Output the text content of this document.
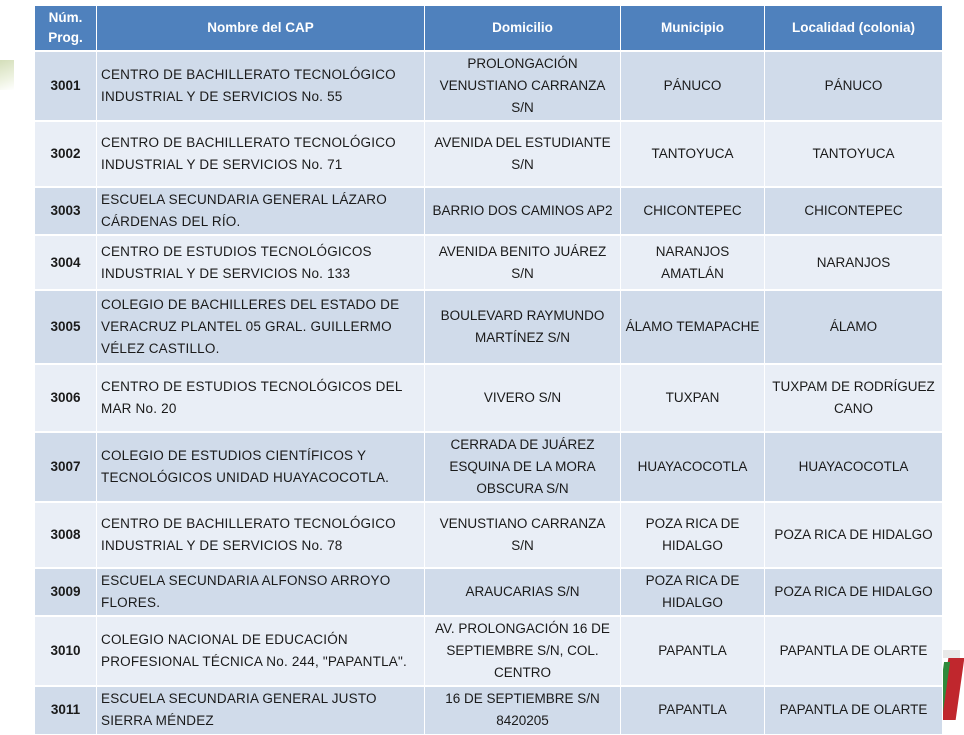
Núm. Prog.	Nombre del CAP	Domicilio	Municipio	Localidad (colonia)
3001	CENTRO DE BACHILLERATO TECNOLÓGICO INDUSTRIAL Y DE SERVICIOS No. 55	PROLONGACIÓN VENUSTIANO CARRANZA S/N	PÁNUCO	PÁNUCO
3002	CENTRO DE BACHILLERATO TECNOLÓGICO INDUSTRIAL Y DE SERVICIOS No. 71	AVENIDA DEL ESTUDIANTE S/N	TANTOYUCA	TANTOYUCA
3003	ESCUELA SECUNDARIA GENERAL LÁZARO CÁRDENAS DEL RÍO.	BARRIO DOS CAMINOS AP2	CHICONTEPEC	CHICONTEPEC
3004	CENTRO DE ESTUDIOS TECNOLÓGICOS INDUSTRIAL Y DE SERVICIOS No. 133	AVENIDA BENITO JUÁREZ S/N	NARANJOS AMATLÁN	NARANJOS
3005	COLEGIO DE BACHILLERES DEL ESTADO DE VERACRUZ PLANTEL 05 GRAL. GUILLERMO VÉLEZ CASTILLO.	BOULEVARD RAYMUNDO MARTÍNEZ S/N	ÁLAMO TEMAPACHE	ÁLAMO
3006	CENTRO DE ESTUDIOS TECNOLÓGICOS DEL MAR No. 20	VIVERO S/N	TUXPAN	TUXPAM DE RODRÍGUEZ CANO
3007	COLEGIO DE ESTUDIOS CIENTÍFICOS Y TECNOLÓGICOS UNIDAD HUAYACOCOTLA.	CERRADA DE JUÁREZ ESQUINA DE LA MORA OBSCURA S/N	HUAYACOCOTLA	HUAYACOCOTLA
3008	CENTRO DE BACHILLERATO TECNOLÓGICO INDUSTRIAL Y DE SERVICIOS No. 78	VENUSTIANO CARRANZA S/N	POZA RICA DE HIDALGO	POZA RICA DE HIDALGO
3009	ESCUELA SECUNDARIA ALFONSO ARROYO FLORES.	ARAUCARIAS S/N	POZA RICA DE HIDALGO	POZA RICA DE HIDALGO
3010	COLEGIO NACIONAL DE EDUCACIÓN PROFESIONAL TÉCNICA No. 244, "PAPANTLA".	AV. PROLONGACIÓN 16 DE SEPTIEMBRE S/N, COL. CENTRO	PAPANTLA	PAPANTLA DE OLARTE
3011	ESCUELA SECUNDARIA GENERAL JUSTO SIERRA MÉNDEZ	16 DE SEPTIEMBRE S/N 8420205	PAPANTLA	PAPANTLA DE OLARTE
